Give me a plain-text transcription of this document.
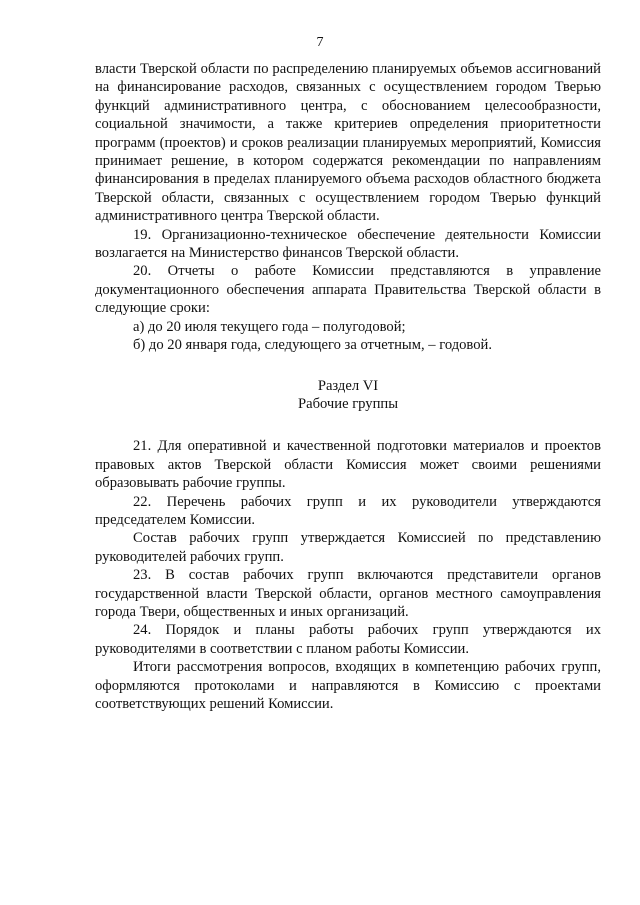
7

власти Тверской области по распределению планируемых объемов ассигнований на финансирование расходов, связанных с осуществлением городом Тверью функций административного центра, с обоснованием целесообразности, социальной значимости, а также критериев определения приоритетности программ (проектов) и сроков реализации планируемых мероприятий, Комиссия принимает решение, в котором содержатся рекомендации по направлениям финансирования в пределах планируемого объема расходов областного бюджета Тверской области, связанных с осуществлением городом Тверью функций административного центра Тверской области.

19. Организационно-техническое обеспечение деятельности Комиссии возлагается на Министерство финансов Тверской области.

20. Отчеты о работе Комиссии представляются в управление документационного обеспечения аппарата Правительства Тверской области в следующие сроки:

а) до 20 июля текущего года – полугодовой;

б) до 20 января года, следующего за отчетным, – годовой.

Раздел VI

Рабочие группы

21. Для оперативной и качественной подготовки материалов и проектов правовых актов Тверской области Комиссия может своими решениями образовывать рабочие группы.

22. Перечень рабочих групп и их руководители утверждаются председателем Комиссии.

Состав рабочих групп утверждается Комиссией по представлению руководителей рабочих групп.

23. В состав рабочих групп включаются представители органов государственной власти Тверской области, органов местного самоуправления города Твери, общественных и иных организаций.

24. Порядок и планы работы рабочих групп утверждаются их руководителями в соответствии с планом работы Комиссии.

Итоги рассмотрения вопросов, входящих в компетенцию рабочих групп, оформляются протоколами и направляются в Комиссию с проектами соответствующих решений Комиссии.
